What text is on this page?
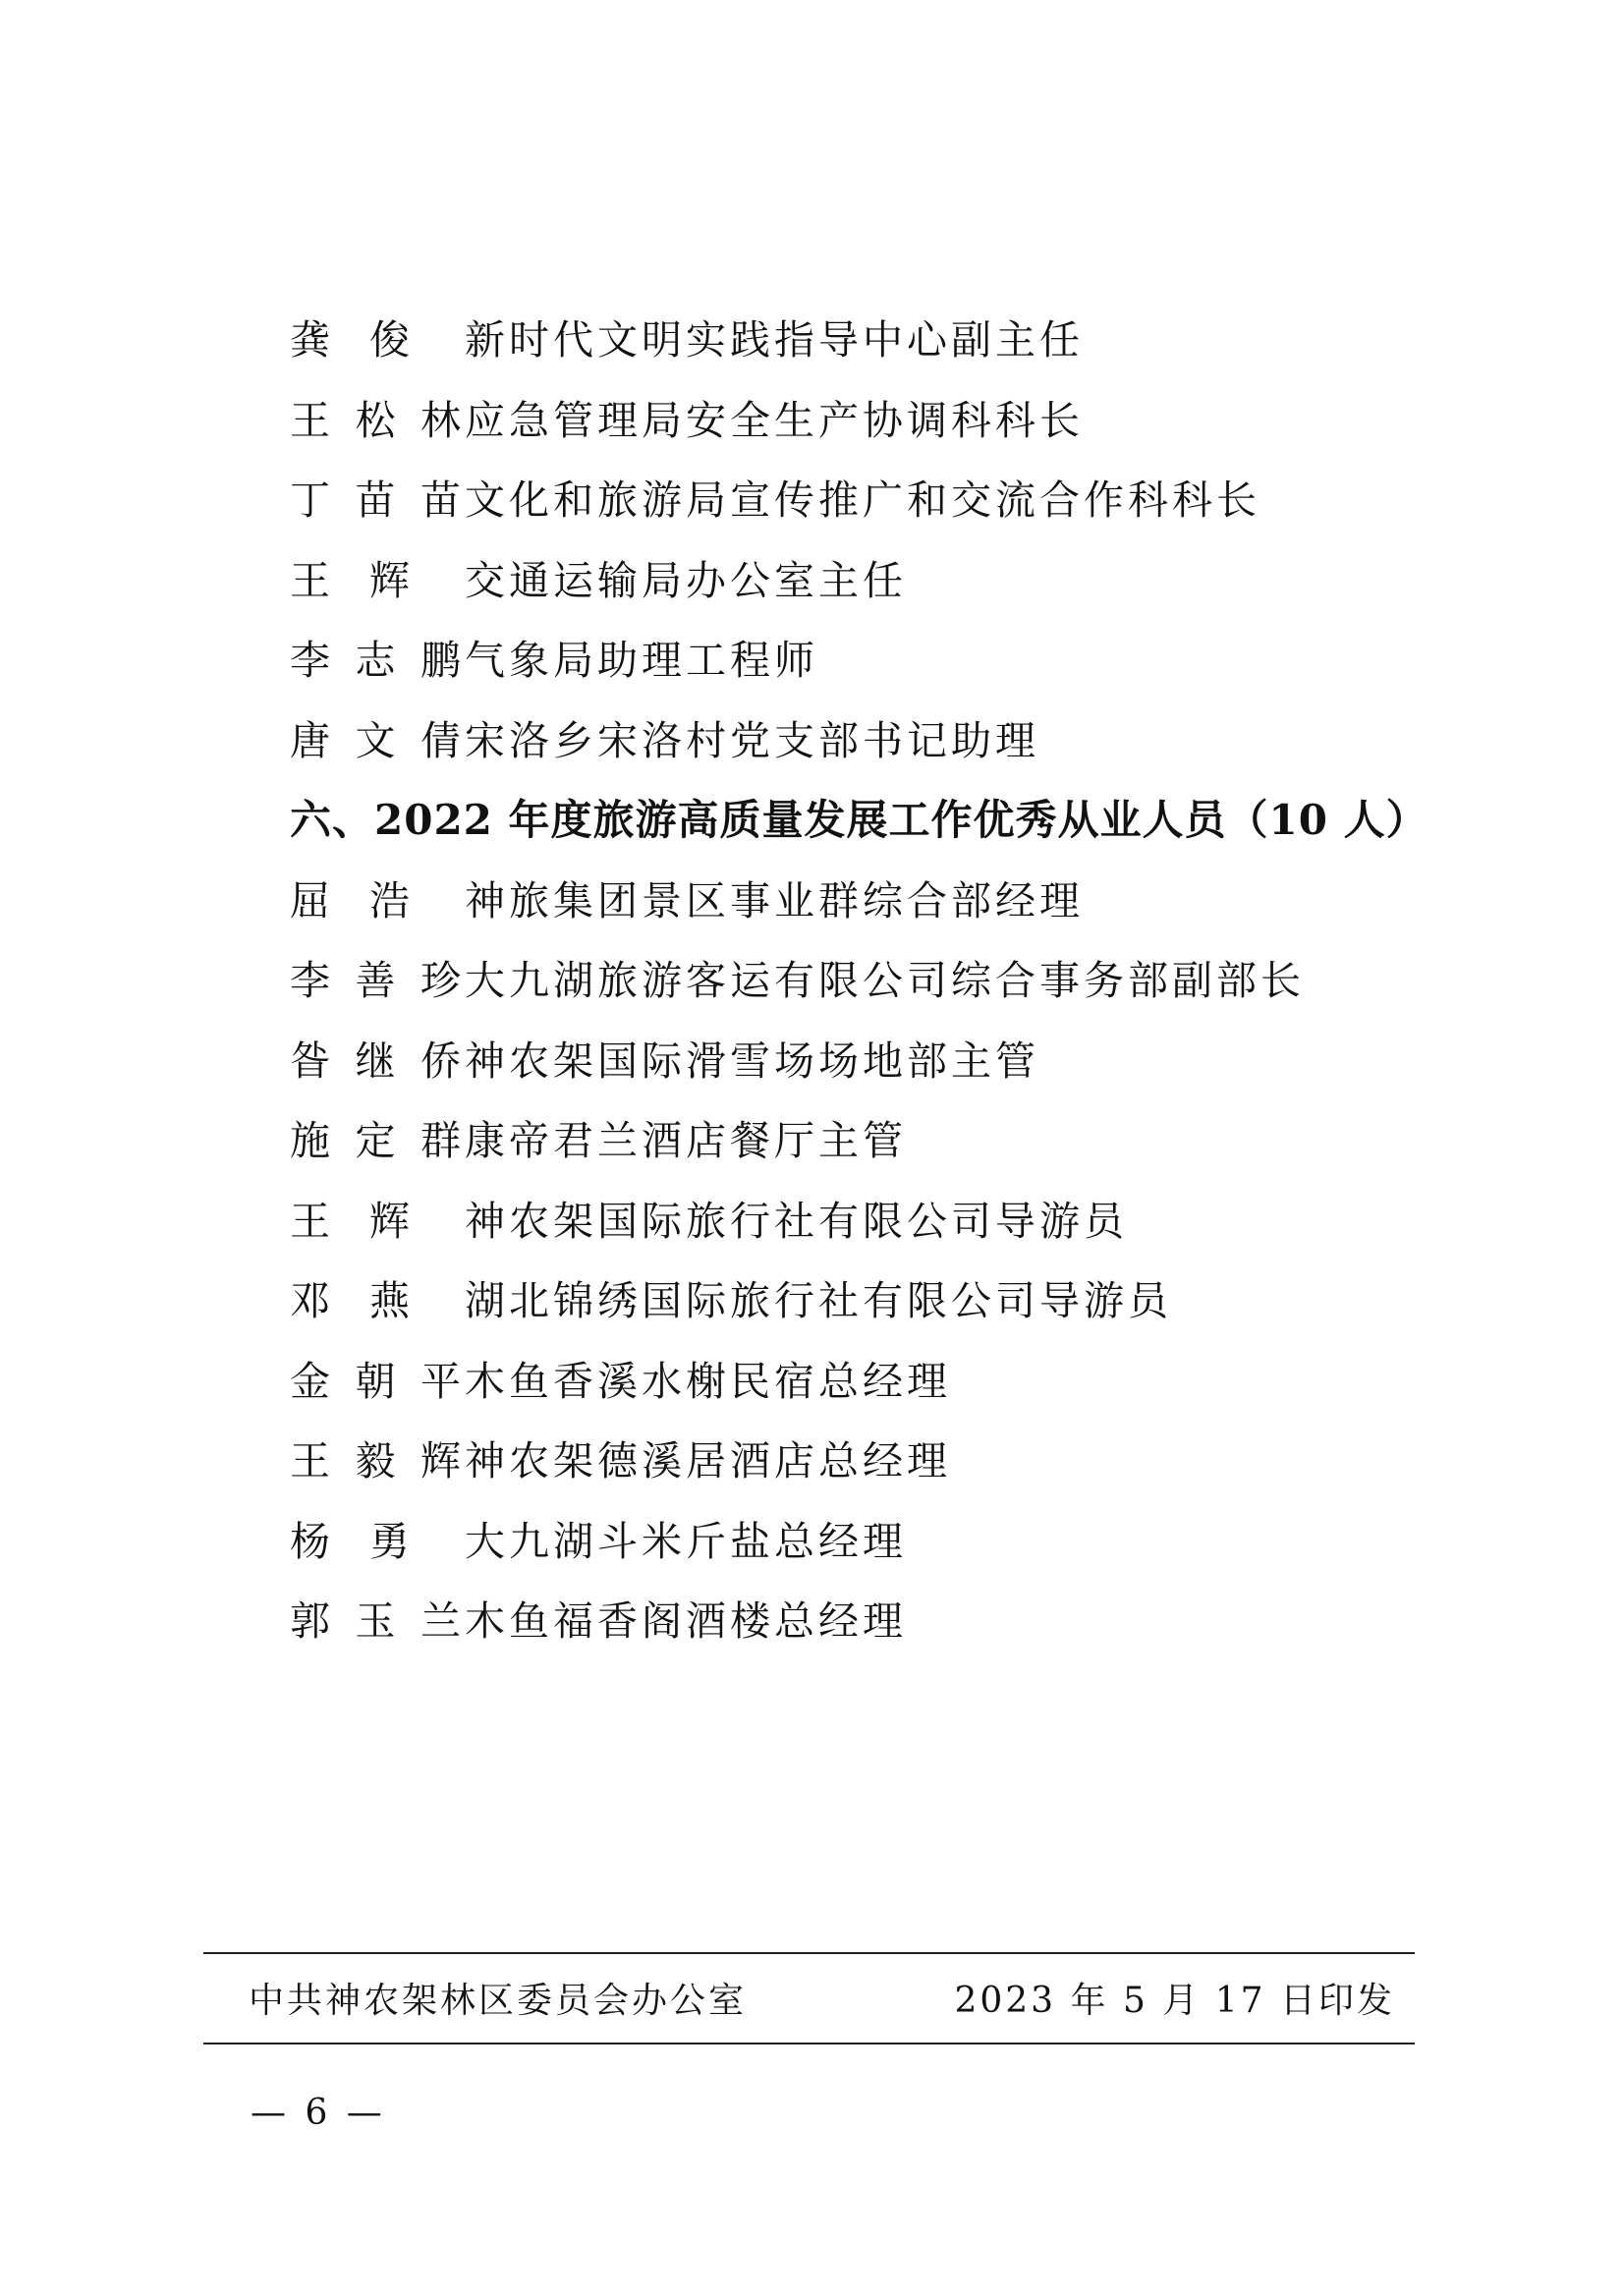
龚 俊 新时代文明实践指导中心副主任
王 松 林 应急管理局安全生产协调科科长
丁 苗 苗 文化和旅游局宣传推广和交流合作科科长
王 辉 交通运输局办公室主任
李 志 鹏 气象局助理工程师
唐 文 倩 宋洛乡宋洛村党支部书记助理
六、2022 年度旅游高质量发展工作优秀从业人员（10 人）
屈 浩 神旅集团景区事业群综合部经理
李 善 珍 大九湖旅游客运有限公司综合事务部副部长
昝 继 侨 神农架国际滑雪场场地部主管
施 定 群 康帝君兰酒店餐厅主管
王 辉 神农架国际旅行社有限公司导游员
邓 燕 湖北锦绣国际旅行社有限公司导游员
金 朝 平 木鱼香溪水榭民宿总经理
王 毅 辉 神农架德溪居酒店总经理
杨 勇 大九湖斗米斤盐总经理
郭 玉 兰 木鱼福香阁酒楼总经理
中共神农架林区委员会办公室	2023 年 5 月 17 日印发
— 6 —
